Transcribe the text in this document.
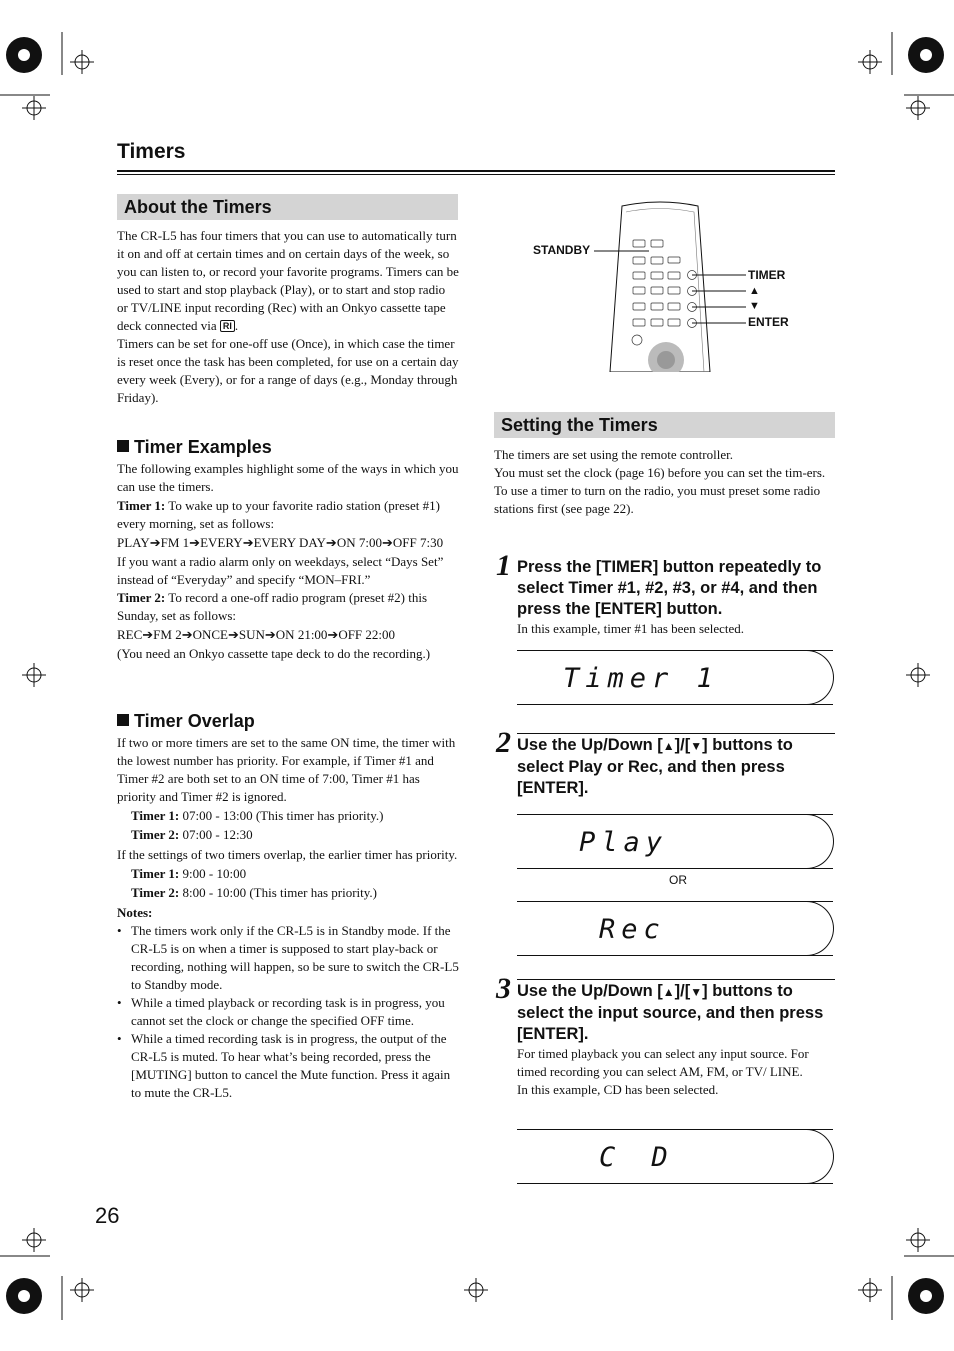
Timers
About the Timers

The CR-L5 has four timers that you can use to automatically turn it on and off at certain times and on certain days of the week, so you can listen to, or record your favorite programs. Timers can be used to start and stop playback (Play), or to start and stop radio or TV/LINE input recording (Rec) with an Onkyo cassette tape deck connected via RI .

Timers can be set for one-off use (Once), in which case the timer is reset once the task has been completed, for use on a certain day every week (Every), or for a range of days (e.g., Monday through Friday).

Timer Examples

The following examples highlight some of the ways in which you can use the timers.

Timer 1: To wake up to your favorite radio station (preset #1) every morning, set as follows:

PLAY➔FM 1➔EVERY➔EVERY DAY➔ON 7:00➔OFF 7:30

If you want a radio alarm only on weekdays, select “Days Set” instead of “Everyday” and specify “MON–FRI.”

Timer 2: To record a one-off radio program (preset #2) this Sunday, set as follows:

REC➔FM 2➔ONCE➔SUN➔ON 21:00➔OFF 22:00

(You need an Onkyo cassette tape deck to do the recording.)

Timer Overlap

If two or more timers are set to the same ON time, the timer with the lowest number has priority. For example, if Timer #1 and Timer #2 are both set to an ON time of 7:00, Timer #1 has priority and Timer #2 is ignored.

Timer 1: 07:00 - 13:00 (This timer has priority.)

Timer 2: 07:00 - 12:30

If the settings of two timers overlap, the earlier timer has priority.

Timer 1: 9:00 - 10:00

Timer 2: 8:00 - 10:00 (This timer has priority.)

Notes:

• The timers work only if the CR-L5 is in Standby mode. If the CR-L5 is on when a timer is supposed to start play-back or recording, nothing will happen, so be sure to switch the CR-L5 to Standby mode.
• While a timed playback or recording task is in progress, you cannot set the clock or change the specified OFF time.
• While a timed recording task is in progress, the output of the CR-L5 is muted. To hear what’s being recorded, press the [MUTING] button to cancel the Mute function. Press it again to mute the CR-L5.
26
STANDBY
TIMER
▲
▼
ENTER
Setting the Timers

The timers are set using the remote controller.

You must set the clock (page 16) before you can set the tim-ers.

To use a timer to turn on the radio, you must preset some radio stations first (see page 22).

1 Press the [TIMER] button repeatedly to select Timer #1, #2, #3, or #4, and then press the [ENTER] button.
In this example, timer #1 has been selected.
Timer 1
2 Use the Up/Down [▲]/[▼] buttons to select Play or Rec, and then press [ENTER].
Play
OR
Rec
3 Use the Up/Down [▲]/[▼] buttons to select the input source, and then press [ENTER].

For timed playback you can select any input source. For timed recording you can select AM, FM, or TV/ LINE.

In this example, CD has been selected.

C D
